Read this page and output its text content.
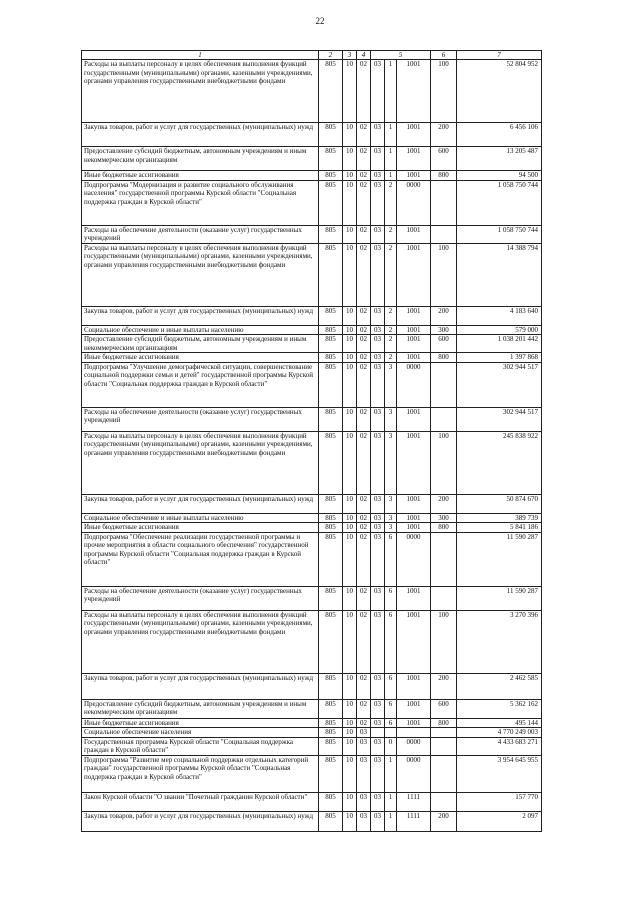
22
1	2	3	4	5			6	7
Расходы на выплаты персоналу в целях обеспечения выполнения функций государственными (муниципальными) органами, казенными учреждениями, органами управления государственными внебюджетными фондами	805	10	02	03	1	1001	100	52 804 952
Закупка товаров, работ и услуг для государственных (муниципальных) нужд	805	10	02	03	1	1001	200	6 456 106
Предоставление субсидий бюджетным, автономным учреждениям и иным некоммерческим организациям	805	10	02	03	1	1001	600	13 205 487
Иные бюджетные ассигнования	805	10	02	03	1	1001	800	94 500
Подпрограмма "Модернизация и развитие социального обслуживания населения" государственной программы Курской области "Социальная поддержка граждан в Курской области"	805	10	02	03	2	0000		1 058 750 744
Расходы на обеспечение деятельности (оказание услуг) государственных учреждений	805	10	02	03	2	1001		1 058 750 744
Расходы на выплаты персоналу в целях обеспечения выполнения функций государственными (муниципальными) органами, казенными учреждениями, органами управления государственными внебюджетными фондами	805	10	02	03	2	1001	100	14 388 794
Закупка товаров, работ и услуг для государственных (муниципальных) нужд	805	10	02	03	2	1001	200	4 183 640
Социальное обеспечение и иные выплаты населению	805	10	02	03	2	1001	300	579 000
Предоставление субсидий бюджетным, автономным учреждениям и иным некоммерческим организациям	805	10	02	03	2	1001	600	1 038 201 442
Иные бюджетные ассигнования	805	10	02	03	2	1001	800	1 397 868
Подпрограмма "Улучшение демографической ситуации, совершенствование социальной поддержки семьи и детей" государственной программы Курской области "Социальная поддержка граждан в Курской области"	805	10	02	03	3	0000		302 944 517
Расходы на обеспечение деятельности (оказание услуг) государственных учреждений	805	10	02	03	3	1001		302 944 517
Расходы на выплаты персоналу в целях обеспечения выполнения функций государственными (муниципальными) органами, казенными учреждениями, органами управления государственными внебюджетными фондами	805	10	02	03	3	1001	100	245 838 922
Закупка товаров, работ и услуг для государственных (муниципальных) нужд	805	10	02	03	3	1001	200	50 874 670
Социальное обеспечение и иные выплаты населению	805	10	02	03	3	1001	300	389 739
Иные бюджетные ассигнования	805	10	02	03	3	1001	800	5 841 186
Подпрограмма "Обеспечение реализации государственной программы и прочие мероприятия в области социального обеспечения" государственной программы Курской области "Социальная поддержка граждан в Курской области"	805	10	02	03	6	0000		11 590 287
Расходы на обеспечение деятельности (оказание услуг) государственных учреждений	805	10	02	03	6	1001		11 590 287
Расходы на выплаты персоналу в целях обеспечения выполнения функций государственными (муниципальными) органами, казенными учреждениями, органами управления государственными внебюджетными фондами	805	10	02	03	6	1001	100	3 270 396
Закупка товаров, работ и услуг для государственных (муниципальных) нужд	805	10	02	03	6	1001	200	2 462 585
Предоставление субсидий бюджетным, автономным учреждениям и иным некоммерческим организациям	805	10	02	03	6	1001	600	5 362 162
Иные бюджетные ассигнования	805	10	02	03	6	1001	800	495 144
Социальное обеспечение населения	805	10	03					4 770 249 003
Государственная программа Курской области "Социальная поддержка граждан в Курской области"	805	10	03	03	0	0000		4 433 683 271
Подпрограмма "Развитие мер социальной поддержки отдельных категорий граждан" государственной программы Курской области "Социальная поддержка граждан в Курской области"	805	10	03	03	1	0000		3 954 645 955
Закон Курской области "О звании "Почетный гражданин Курской области"	805	10	03	03	1	1111		157 770
Закупка товаров, работ и услуг для государственных (муниципальных) нужд	805	10	03	03	1	1111	200	2 097
